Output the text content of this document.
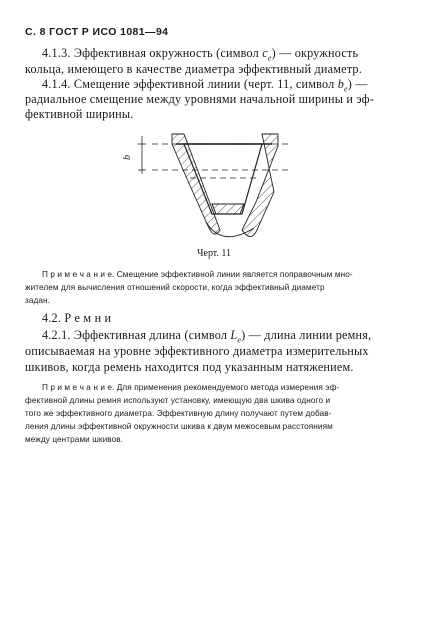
С. 8 ГОСТ Р ИСО 1081—94
4.1.3. Эффективная окружность (символ $c_e$) — окружность
кольца, имеющего в качестве диаметра эффективный диаметр.
4.1.4. Смещение эффективной линии (черт. 11, символ $b_e$) —
радиальное смещение между уровнями начальной ширины и эф-
фективной ширины.
b
Черт. 11
П р и м е ч а н и е. Смещение эффективной линии является поправочным мно-
жителем для вычисления отношений скорости, когда эффективный диаметр
задан.
4.2. Р е м н и
4.2.1. Эффективная длина (символ $L_e$) — длина линии ремня,
описываемая на уровне эффективного диаметра измерительных
шкивов, когда ремень находится под указанным натяжением.
П р и м е ч а н и е. Для применения рекомендуемого метода измерения эф-
фективной длины ремня используют установку, имеющую два шкива одного и
того же эффективного диаметра. Эффективную длину получают путем добав-
ления длины эффективной окружности шкива к двум межосевым расстояниям
между центрами шкивов.
